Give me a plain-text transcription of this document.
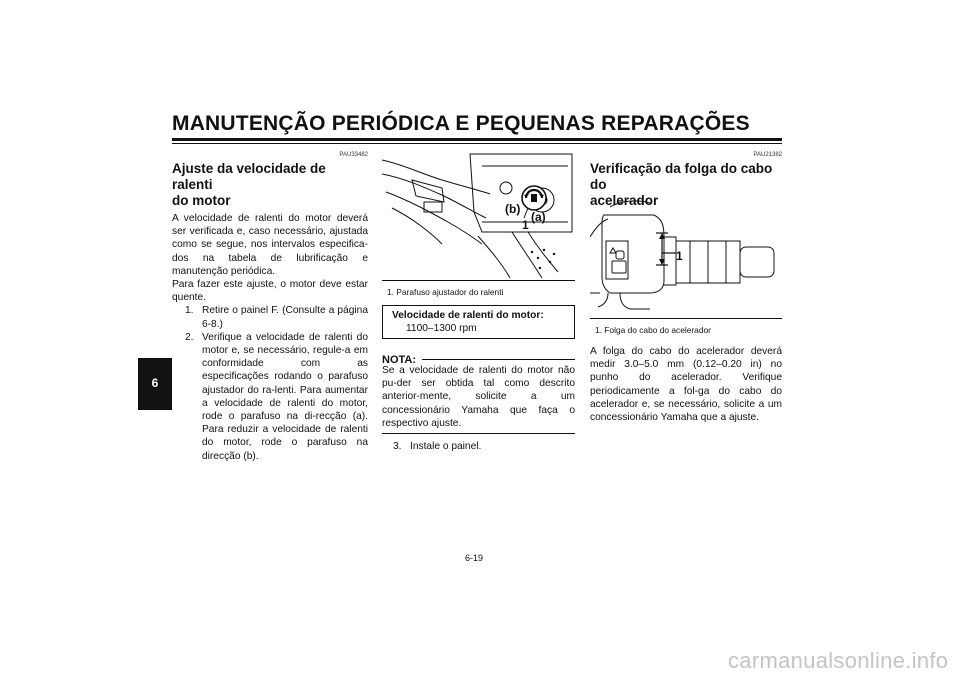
MANUTENÇÃO PERIÓDICA E PEQUENAS REPARAÇÕES
6
PAU33482
Ajuste da velocidade de ralenti
do motor
A velocidade de ralenti do motor deverá ser verificada e, caso necessário, ajustada como se segue, nos intervalos especifica-dos na tabela de lubrificação e manutenção periódica.
Para fazer este ajuste, o motor deve estar quente.
1. Retire o painel F. (Consulte a página 6-8.)
2. Verifique a velocidade de ralenti do motor e, se necessário, regule-a em conformidade com as especificações rodando o parafuso ajustador do ra-lenti. Para aumentar a velocidade de ralenti do motor, rode o parafuso na di-recção (a). Para reduzir a velocidade de ralenti do motor, rode o parafuso na direcção (b).
(b)
(a)
1
1. Parafuso ajustador do ralenti
Velocidade de ralenti do motor:
1100–1300 rpm
NOTA:
Se a velocidade de ralenti do motor não pu-der ser obtida tal como descrito anterior-mente, solicite a um concessionário Yamaha que faça o respectivo ajuste.
3. Instale o painel.
PAU21382
Verificação da folga do cabo do
acelerador
1
1. Folga do cabo do acelerador
A folga do cabo do acelerador deverá medir 3.0–5.0 mm (0.12–0.20 in) no punho do acelerador. Verifique periodicamente a fol-ga do cabo do acelerador e, se necessário, solicite a um concessionário Yamaha que a ajuste.
6-19
carmanualsonline.info
